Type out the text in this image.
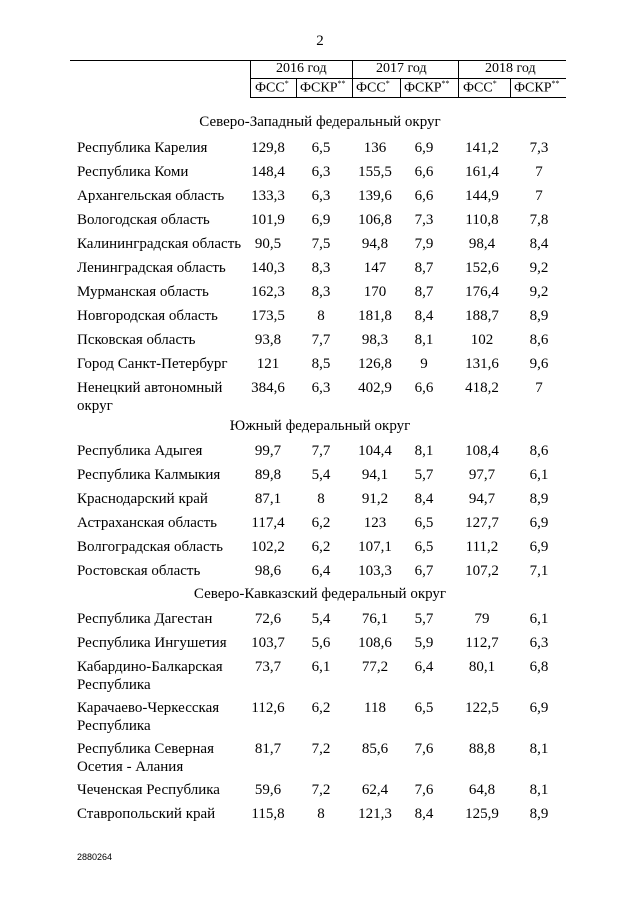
2
2016 год	2017 год	2018 год
ФСС* ФСКР** ФСС* ФСКР** ФСС* ФСКР**
Северо-Западный федеральный округ
Республика Карелия	129,8	6,5	136	6,9	141,2	7,3
Республика Коми	148,4	6,3	155,5	6,6	161,4	7
Архангельская область	133,3	6,3	139,6	6,6	144,9	7
Вологодская область	101,9	6,9	106,8	7,3	110,8	7,8
Калининградская область 90,5	7,5	94,8	7,9	98,4	8,4
Ленинградская область	140,3	8,3	147	8,7	152,6	9,2
Мурманская область	162,3	8,3	170	8,7	176,4	9,2
Новгородская область	173,5	8	181,8	8,4	188,7	8,9
Псковская область	93,8	7,7	98,3	8,1	102	8,6
Город Санкт-Петербург	121	8,5	126,8	9	131,6	9,6
Ненецкий автономный округ
384,6	6,3	402,9	6,6	418,2	7
Южный федеральный округ
Республика Адыгея	99,7	7,7	104,4	8,1	108,4	8,6
Республика Калмыкия	89,8	5,4	94,1	5,7	97,7	6,1
Краснодарский край	87,1	8	91,2	8,4	94,7	8,9
Астраханская область	117,4	6,2	123	6,5	127,7	6,9
Волгоградская область	102,2	6,2	107,1	6,5	111,2	6,9
Ростовская область	98,6	6,4	103,3	6,7	107,2	7,1
Северо-Кавказский федеральный округ
Республика Дагестан	72,6	5,4	76,1	5,7	79	6,1
Республика Ингушетия	103,7	5,6	108,6	5,9	112,7	6,3
Кабардино-Балкарская Республика
73,7	6,1	77,2	6,4	80,1	6,8
Карачаево-Черкесская Республика
112,6	6,2	118	6,5	122,5	6,9
Республика Северная Осетия - Алания
81,7	7,2	85,6	7,6	88,8	8,1
Чеченская Республика	59,6	7,2	62,4	7,6	64,8	8,1
Ставропольский край	115,8	8	121,3	8,4	125,9	8,9
2880264
